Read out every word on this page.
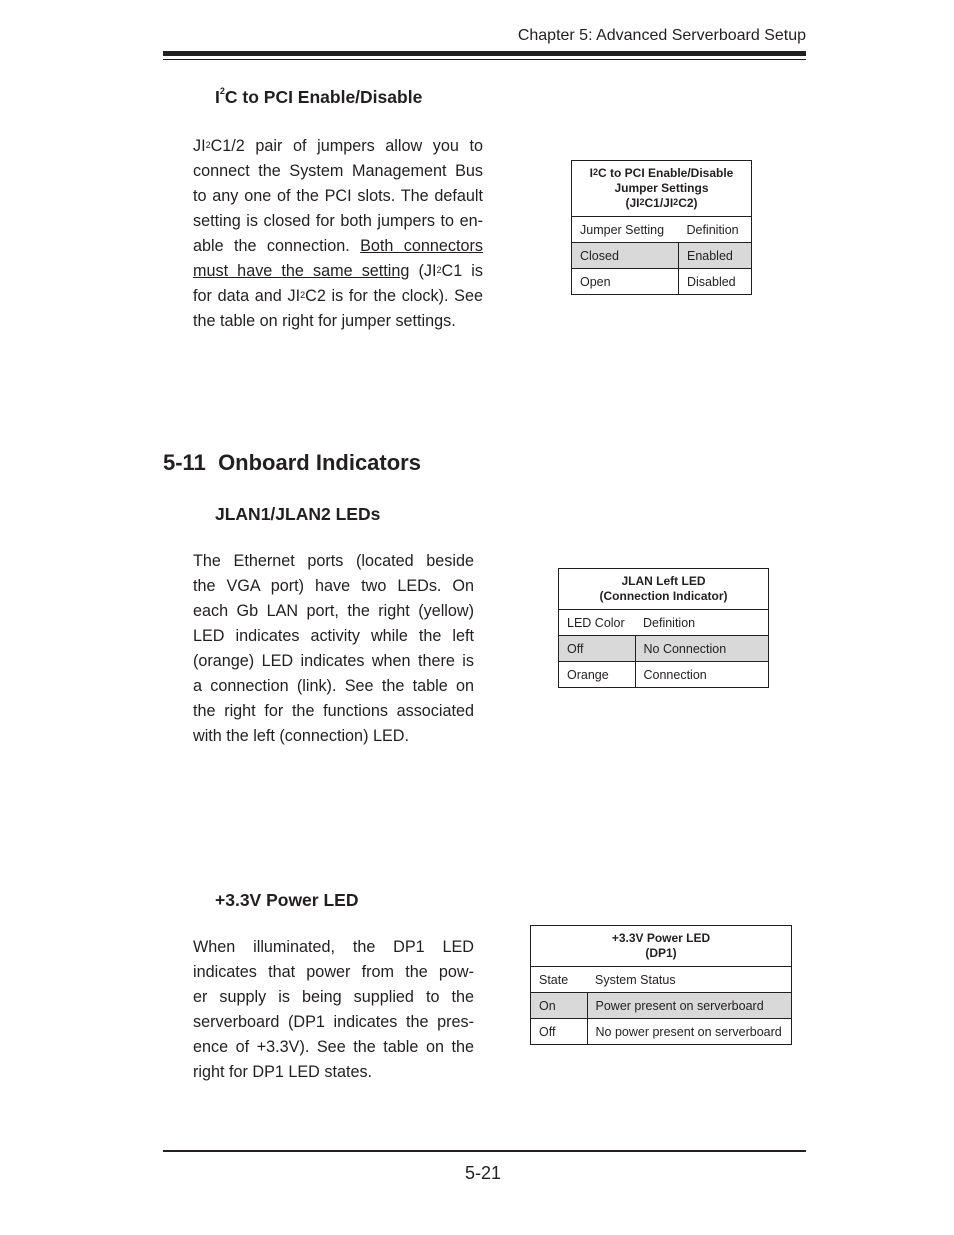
Chapter 5: Advanced Serverboard Setup
$I^2C$ to PCI Enable/Disable
$JI^2C1/2$ pair of jumpers allow you to
connect the System Management Bus
to any one of the PCI slots. The default
setting is closed for both jumpers to en-
able the connection. Both connectors
must have the same setting ($JI^2C1$ is
for data and $JI^2C2$ is for the clock). See
the table on right for jumper settings.
$I^2C$ to PCI Enable/Disable
Jumper Settings
$(JI^2C1/JI^2C2)$	
Jumper Setting	Definition
Closed	Enabled
Open	Disabled
5-11 Onboard Indicators
JLAN1/JLAN2 LEDs
The Ethernet ports (located beside
the VGA port) have two LEDs. On
each Gb LAN port, the right (yellow)
LED indicates activity while the left
(orange) LED indicates when there is
a connection (link). See the table on
the right for the functions associated
with the left (connection) LED.
JLAN Left LED
(Connection Indicator)	
LED Color	Definition
Off	No Connection
Orange	Connection
+3.3V Power LED
When illuminated, the DP1 LED
indicates that power from the pow-
er supply is being supplied to the
serverboard (DP1 indicates the pres-
ence of +3.3V). See the table on the
right for DP1 LED states.
+3.3V Power LED
(DP1)	
State	System Status
On	Power present on serverboard
Off	No power present on serverboard
5-21
